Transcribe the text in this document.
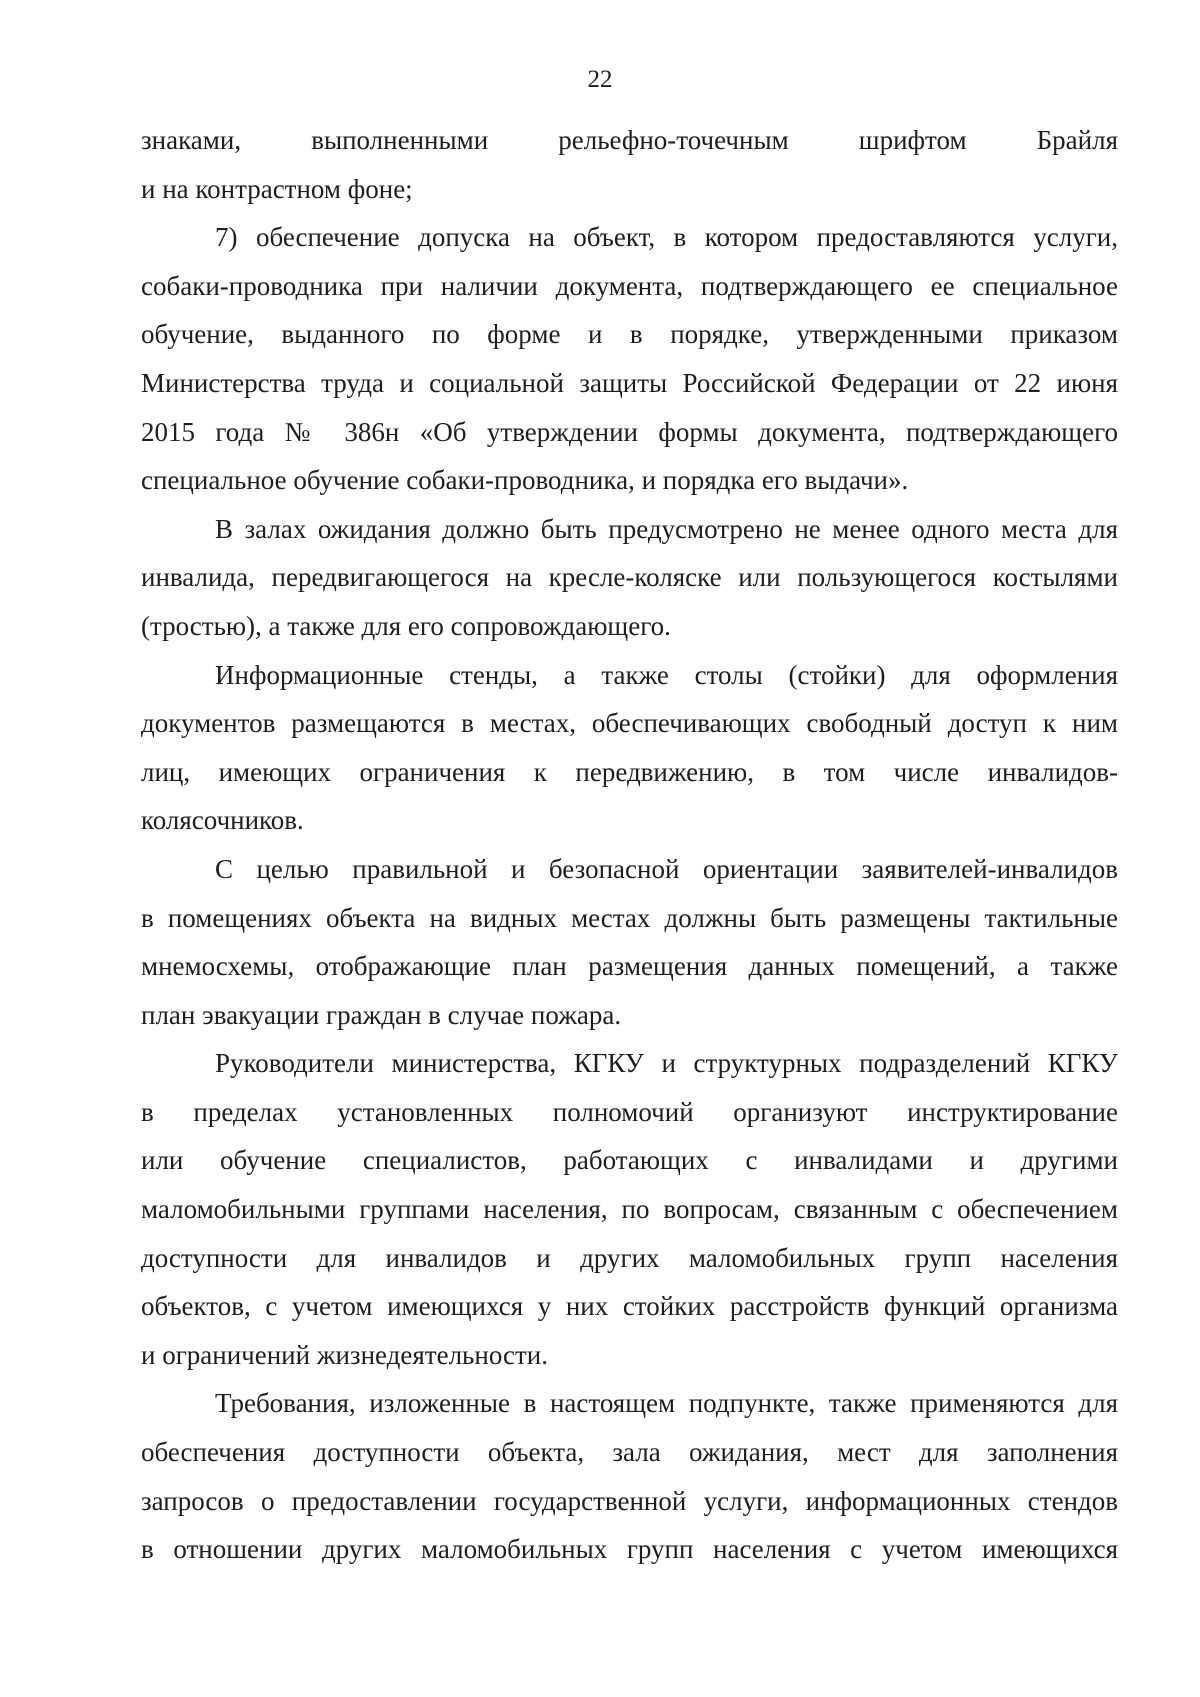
22
знаками, выполненными рельефно-точечным шрифтом Брайля
и на контрастном фоне;
7) обеспечение допуска на объект, в котором предоставляются услуги,
собаки-проводника при наличии документа, подтверждающего ее специальное
обучение, выданного по форме и в порядке, утвержденными приказом
Министерства труда и социальной защиты Российской Федерации от 22 июня
2015 года № 386н «Об утверждении формы документа, подтверждающего
специальное обучение собаки-проводника, и порядка его выдачи».
В залах ожидания должно быть предусмотрено не менее одного места для
инвалида, передвигающегося на кресле-коляске или пользующегося костылями
(тростью), а также для его сопровождающего.
Информационные стенды, а также столы (стойки) для оформления
документов размещаются в местах, обеспечивающих свободный доступ к ним
лиц, имеющих ограничения к передвижению, в том числе инвалидов-
колясочников.
С целью правильной и безопасной ориентации заявителей-инвалидов
в помещениях объекта на видных местах должны быть размещены тактильные
мнемосхемы, отображающие план размещения данных помещений, а также
план эвакуации граждан в случае пожара.
Руководители министерства, КГКУ и структурных подразделений КГКУ
в пределах установленных полномочий организуют инструктирование
или обучение специалистов, работающих с инвалидами и другими
маломобильными группами населения, по вопросам, связанным с обеспечением
доступности для инвалидов и других маломобильных групп населения
объектов, с учетом имеющихся у них стойких расстройств функций организма
и ограничений жизнедеятельности.
Требования, изложенные в настоящем подпункте, также применяются для
обеспечения доступности объекта, зала ожидания, мест для заполнения
запросов о предоставлении государственной услуги, информационных стендов
в отношении других маломобильных групп населения с учетом имеющихся
